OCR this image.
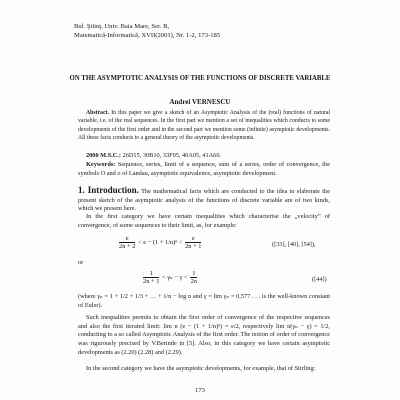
Bul. Ştiinţ. Univ. Baia Mare, Ser. B,
Matematică-Informatică, XVII(2001), Nr. 1-2, 173-185
ON THE ASYMPTOTIC ANALYSIS OF THE FUNCTIONS OF DISCRETE VARIABLE
Andrei VERNESCU
Abstract. In this paper we give a sketch of an Asymptotic Analysis of the (real) functions of natural variable, i.e. of the real sequences. In the first part we mention a set of inequalities which conducts to some developments of the first order and in the second part we mention some (infinite) asymptotic developments. All these facts conducts to a general theory of the asymptotic developments.
2000 M.S.C.: 26D15, 30B10, 33F05, 40A05, 41A60.
Keywords: Sequence, series, limit of a sequence, sum of a series, order of convergence, the symbols O and o of Landau, asymptotic equivalence, asymptotic development.
1. Introduction. The mathematical facts which are conducted to the idea to elaborate the present sketch of the asymptotic analysis of the functions of discrete variable are of two kinds, which we present here.
In the first category we have certain inequalities which characterise the „velocity” of convergence, of some sequences to their limit, as, for example:
$\frac{e}{2n + 2} < e - (1 + 1/n)^n < \frac{e}{2n + 1}$	([33], [40], [54]),
or
$\frac{1}{2n + 1} < \gamma_n - \gamma < \frac{1}{2n}$	([44])
(where γₙ = 1 + 1/2 + 1/3 + … + 1/n − log n and γ = lim γₙ = 0,577 . . . is the well-known constant of Euler).
Such inequalities permits to obtain the first order of convergence of the respective sequences and also the first iterated limit: lim n (e − (1 + 1/n)ⁿ) = e/2, respectively lim n(γₙ − γ) = 1/2, conducting to a so called Asymptotic Analysis of the first order. The notion of order of convergence was rigurously precised by V.Berinde in [5]. Also, in this category we have certain asymptotic developments as (2.20) (2.28) and (2.29).
In the second category we have the asymptotic developments, for example, that of Stirling:
173
